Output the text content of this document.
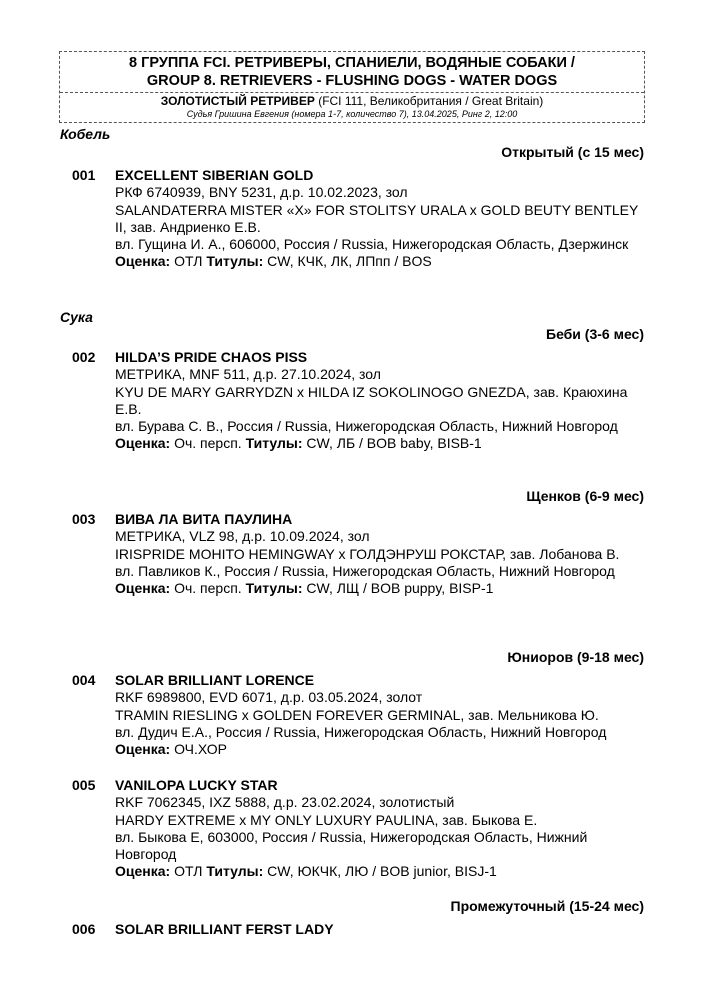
8 ГРУППА FCI. РЕТРИВЕРЫ, СПАНИЕЛИ, ВОДЯНЫЕ СОБАКИ /
GROUP 8. RETRIEVERS - FLUSHING DOGS - WATER DOGS
ЗОЛОТИСТЫЙ РЕТРИВЕР (FCI 111, Великобритания / Great Britain)
Судья Гришина Евгения (номера 1-7, количество 7), 13.04.2025, Ринг 2, 12:00
Кобель
Открытый (с 15 мес)
001 EXCELLENT SIBERIAN GOLD
РКФ 6740939, BNY 5231, д.р. 10.02.2023, зол
SALANDATERRA MISTER «X» FOR STOLITSY URALA x GOLD BEUTY BENTLEY II, зав. Андриенко Е.В.
вл. Гущина И. А., 606000, Россия / Russia, Нижегородская Область, Дзержинск
Оценка: ОТЛ Титулы: CW, КЧК, ЛК, ЛПпп / BOS
Сука
Беби (3-6 мес)
002 HILDA’S PRIDE CHAOS PISS
МЕТРИКА, MNF 511, д.р. 27.10.2024, зол
KYU DE MARY GARRYDZN x HILDA IZ SOKOLINOGO GNEZDA, зав. Краюхина Е.В.
вл. Бурава С. В., Россия / Russia, Нижегородская Область, Нижний Новгород
Оценка: Оч. персп. Титулы: CW, ЛБ / BOB baby, BISB-1
Щенков (6-9 мес)
003 ВИВА ЛА ВИТА ПАУЛИНА
МЕТРИКА, VLZ 98, д.р. 10.09.2024, зол
IRISPRIDE MOHITO HEMINGWAY x ГОЛДЭНРУШ РОКСТАР, зав. Лобанова В.
вл. Павликов К., Россия / Russia, Нижегородская Область, Нижний Новгород
Оценка: Оч. персп. Титулы: CW, ЛЩ / BOB puppy, BISP-1
Юниоров (9-18 мес)
004 SOLAR BRILLIANT LORENCE
RKF 6989800, EVD 6071, д.р. 03.05.2024, золот
TRAMIN RIESLING x GOLDEN FOREVER GERMINAL, зав. Мельникова Ю.
вл. Дудич Е.А., Россия / Russia, Нижегородская Область, Нижний Новгород
Оценка: ОЧ.ХОР
005 VANILOPA LUCKY STAR
RKF 7062345, IXZ 5888, д.р. 23.02.2024, золотистый
HARDY EXTREME x MY ONLY LUXURY PAULINA, зав. Быкова Е.
вл. Быкова Е, 603000, Россия / Russia, Нижегородская Область, Нижний Новгород
Оценка: ОТЛ Титулы: CW, ЮКЧК, ЛЮ / BOB junior, BISJ-1
Промежуточный (15-24 мес)
006 SOLAR BRILLIANT FERST LADY
